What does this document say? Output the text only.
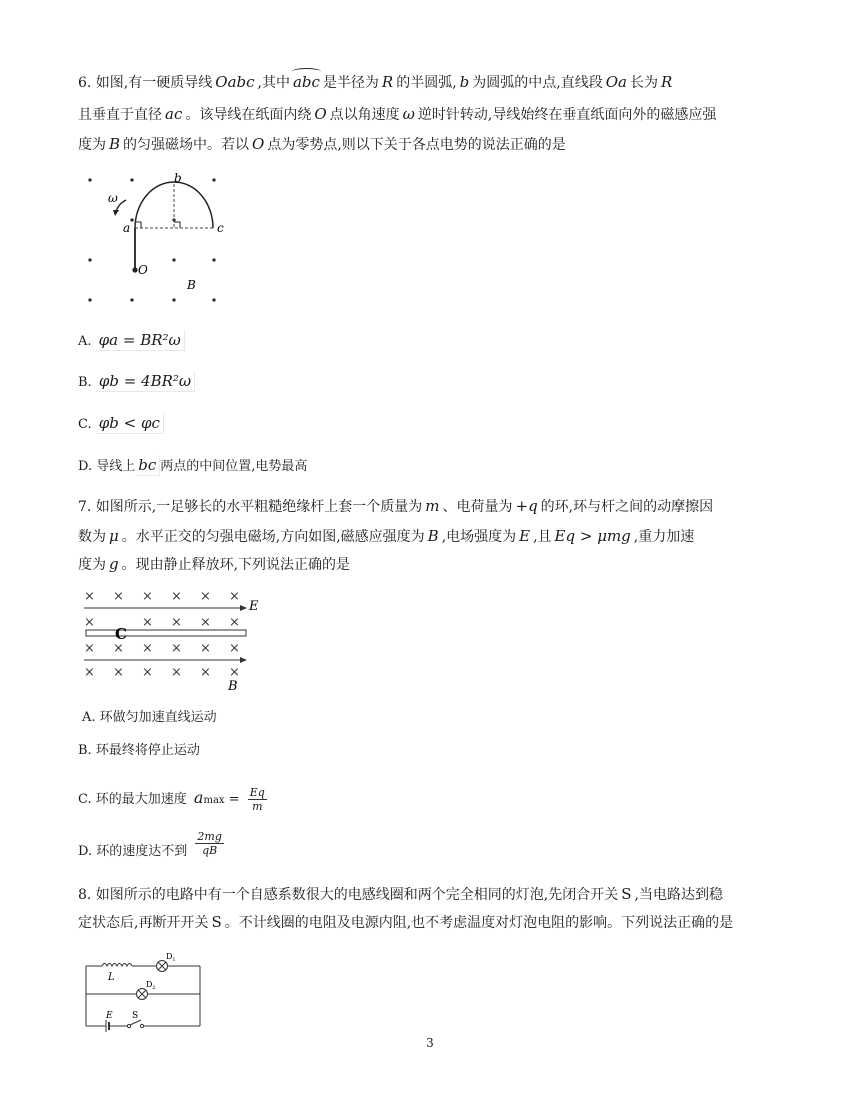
6. 如图,有一硬质导线 Oabc ,其中 abc 是半径为 R 的半圆弧, b 为圆弧的中点,直线段 Oa 长为 R
且垂直于直径 ac 。该导线在纸面内绕 O 点以角速度 ω 逆时针转动,导线始终在垂直纸面向外的磁感应强
度为 B 的匀强磁场中。若以 O 点为零势点,则以下关于各点电势的说法正确的是
b
ω
a	c
O
B
A. φa = BR²ω
B. φb = 4BR²ω
C. φb < φc
D. 导线上 bc 两点的中间位置,电势最高
7. 如图所示,一足够长的水平粗糙绝缘杆上套一个质量为 m 、电荷量为 +q 的环,环与杆之间的动摩擦因
数为 μ 。水平正交的匀强电磁场,方向如图,磁感应强度为 B ,电场强度为 E ,且 Eq > μmg ,重力加速
度为 g 。现由静止释放环,下列说法正确的是
× × × × × ×
×	× × × ×
× × × × × ×
× × × × × ×
C
E
B
A. 环做匀加速直线运动
B. 环最终将停止运动
C. 环的最大加速度 $amax = \frac{Eq}{m}$
D. 环的速度达不到 $\frac{2mg}{qB}$
8. 如图所示的电路中有一个自感系数很大的电感线圈和两个完全相同的灯泡,先闭合开关 S ,当电路达到稳
定状态后,再断开开关 S 。不计线圈的电阻及电源内阻,也不考虑温度对灯泡电阻的影响。下列说法正确的是
L
$D_1$
$D_2$
E S
3
